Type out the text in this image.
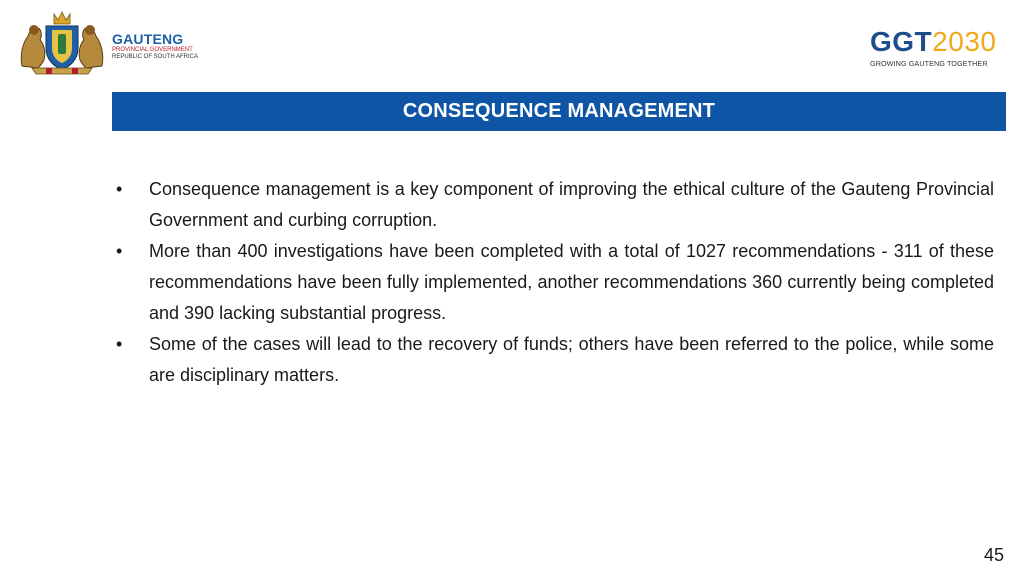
GAUTENG
PROVINCIAL GOVERNMENT
REPUBLIC OF SOUTH AFRICA	GGT2030
GROWING GAUTENG TOGETHER
CONSEQUENCE MANAGEMENT
• Consequence management is a key component of improving the ethical culture of the Gauteng Provincial Government and curbing corruption.
• More than 400 investigations have been completed with a total of 1027 recommendations - 311 of these recommendations have been fully implemented, another recommendations 360 currently being completed and 390 lacking substantial progress.
• Some of the cases will lead to the recovery of funds; others have been referred to the police, while some are disciplinary matters.
45
